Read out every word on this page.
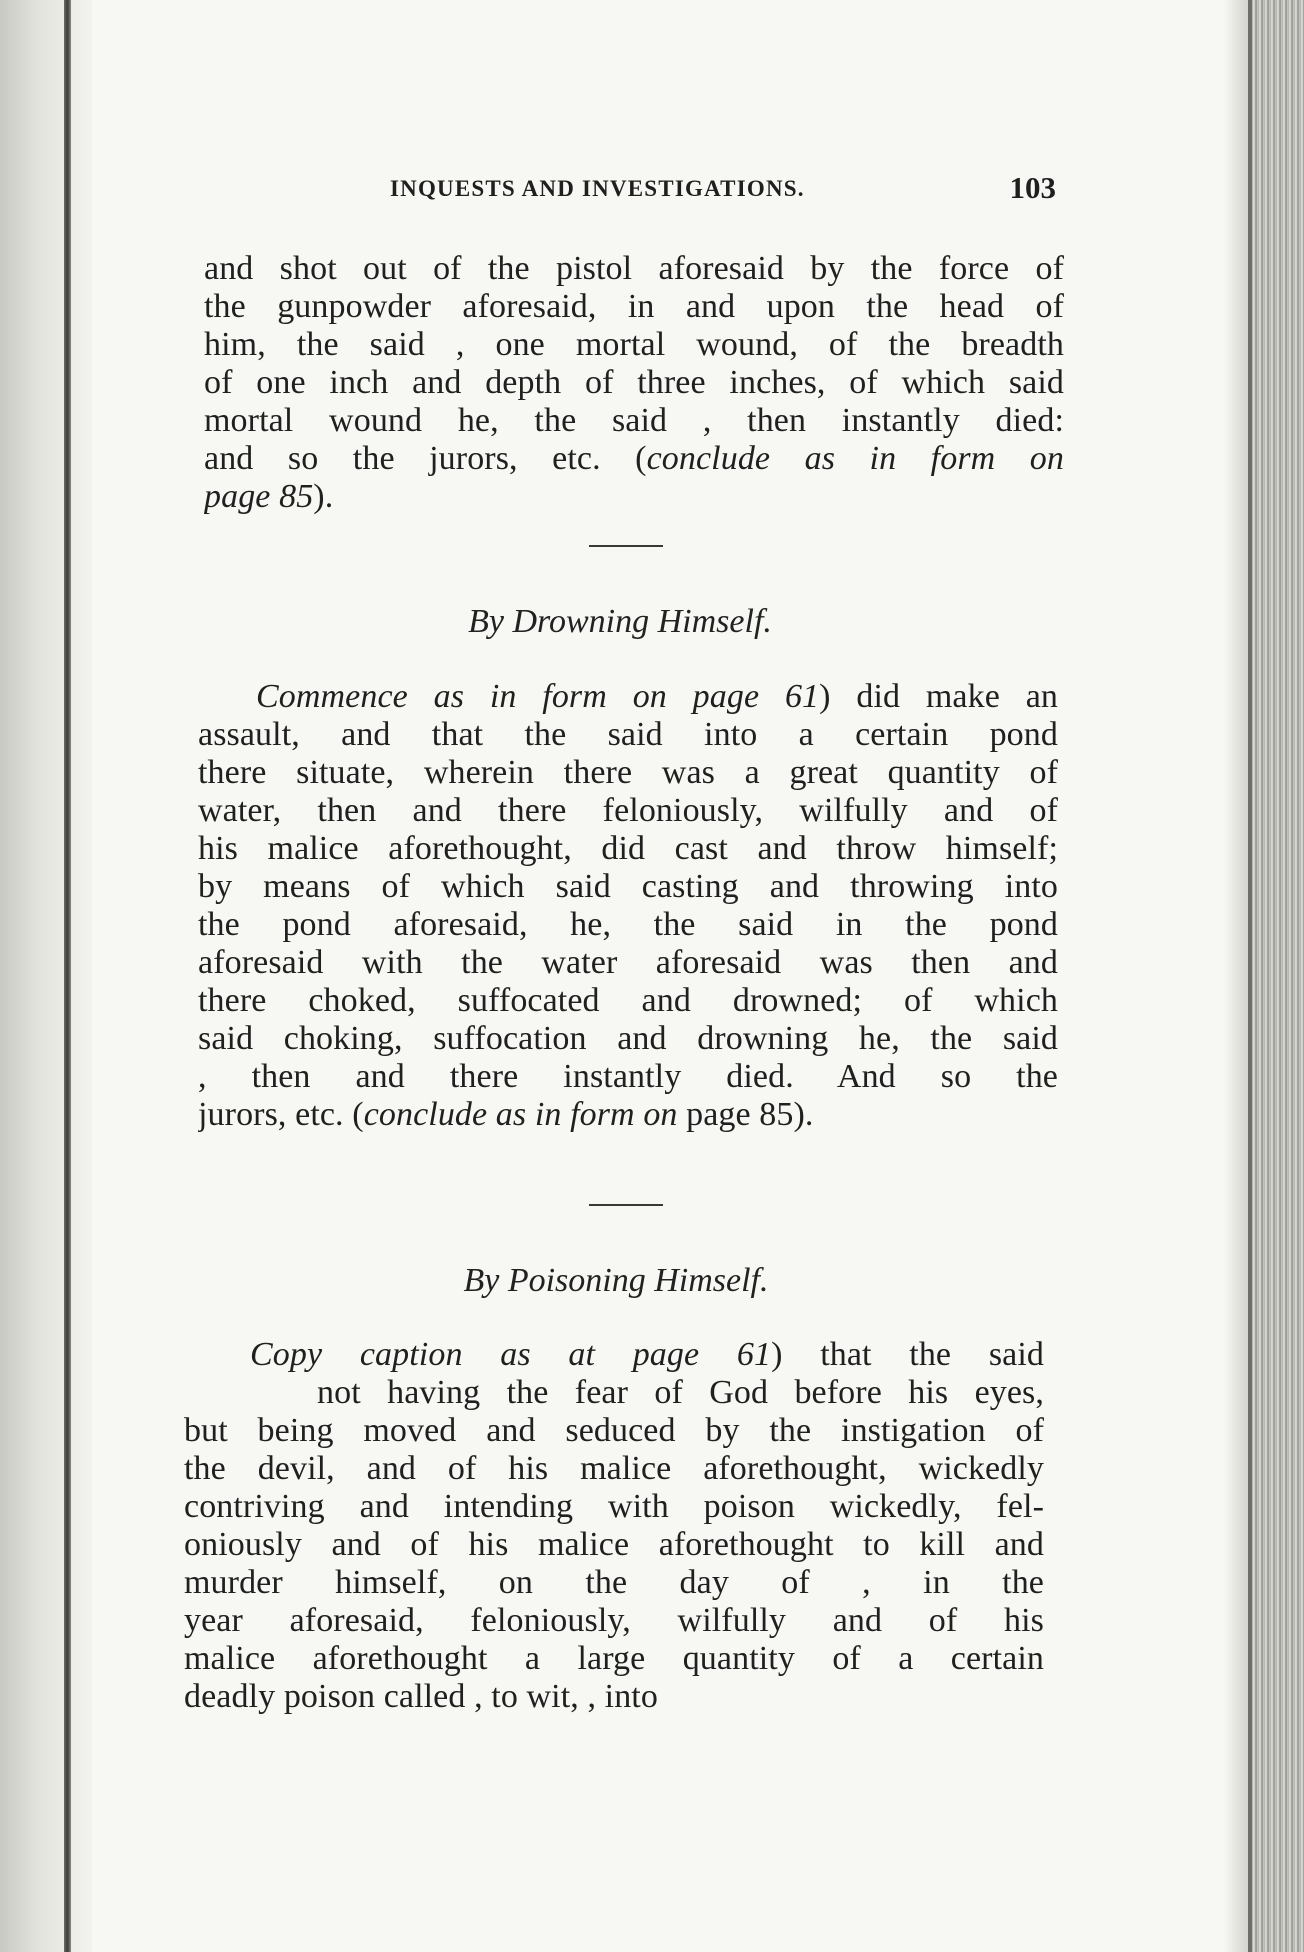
INQUESTS AND INVESTIGATIONS.	103
and shot out of the pistol aforesaid by the force of
the gunpowder aforesaid, in and upon the head of
him, the said , one mortal wound, of the breadth
of one inch and depth of three inches, of which said
mortal wound he, the said , then instantly died:
and so the jurors, etc. (conclude as in form on
page 85).
By Drowning Himself.
Commence as in form on page 61) did make an
assault, and that the said into a certain pond
there situate, wherein there was a great quantity of
water, then and there feloniously, wilfully and of
his malice aforethought, did cast and throw himself;
by means of which said casting and throwing into
the pond aforesaid, he, the said in the pond
aforesaid with the water aforesaid was then and
there choked, suffocated and drowned; of which
said choking, suffocation and drowning he, the said
, then and there instantly died. And so the
jurors, etc. (conclude as in form on page 85).
By Poisoning Himself.
Copy caption as at page 61) that the said
not having the fear of God before his eyes,
but being moved and seduced by the instigation of
the devil, and of his malice aforethought, wickedly
contriving and intending with poison wickedly, fel-
oniously and of his malice aforethought to kill and
murder himself, on the day of , in the
year aforesaid, feloniously, wilfully and of his
malice aforethought a large quantity of a certain
deadly poison called , to wit, , into
